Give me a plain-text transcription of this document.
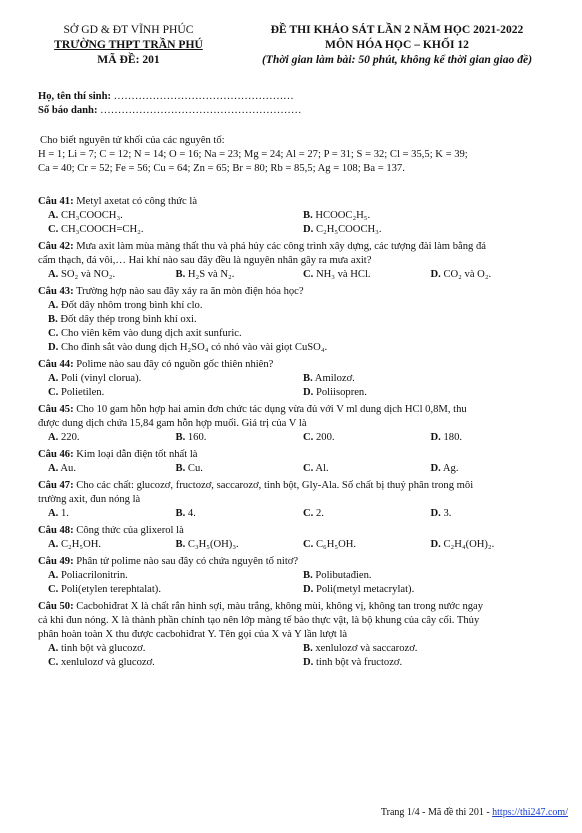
SỞ GD & ĐT VĨNH PHÚC
TRƯỜNG THPT TRẦN PHÚ
MÃ ĐỀ: 201
ĐỀ THI KHẢO SÁT LẦN 2 NĂM HỌC 2021-2022
MÔN HÓA HỌC – KHỐI 12
(Thời gian làm bài: 50 phút, không kể thời gian giao đề)
Họ, tên thí sinh: ……………………………………………
Số báo danh: …………………………………………………
Cho biết nguyên tử khối của các nguyên tố:
H = 1; Li = 7; C = 12; N = 14; O = 16; Na = 23; Mg = 24; Al = 27; P = 31; S = 32; Cl = 35,5; K = 39;
Ca = 40; Cr = 52; Fe = 56; Cu = 64; Zn = 65; Br = 80; Rb = 85,5; Ag = 108; Ba = 137.
Câu 41: Metyl axetat có công thức là
A. CH₃COOCH₃.	B. HCOOC₂H₅.
C. CH₃COOCH=CH₂.	D. C₂H₅COOCH₃.
Câu 42: Mưa axit làm mùa màng thất thu và phá hủy các công trình xây dựng, các tượng đài làm bằng đá
cẩm thạch, đá vôi,… Hai khí nào sau đây đều là nguyên nhân gây ra mưa axit?
A. SO₂ và NO₂.	B. H₂S và N₂.	C. NH₃ và HCl.	D. CO₂ và O₂.
Câu 43: Trường hợp nào sau đây xảy ra ăn mòn điện hóa học?
A. Đốt dây nhôm trong bình khí clo.
B. Đốt dây thép trong bình khí oxi.
C. Cho viên kẽm vào dung dịch axit sunfuric.
D. Cho đinh sắt vào dung dịch H₂SO₄ có nhỏ vào vài giọt CuSO₄.
Câu 44: Polime nào sau đây có nguồn gốc thiên nhiên?
A. Poli (vinyl clorua).	B. Amilozơ.
C. Polietilen.	D. Poliisopren.
Câu 45: Cho 10 gam hỗn hợp hai amin đơn chức tác dụng vừa đủ với V ml dung dịch HCl 0,8M, thu
được dung dịch chứa 15,84 gam hỗn hợp muối. Giá trị của V là
A. 220.	B. 160.	C. 200.	D. 180.
Câu 46: Kim loại dẫn điện tốt nhất là
A. Au.	B. Cu.	C. Al.	D. Ag.
Câu 47: Cho các chất: glucozơ, fructozơ, saccarozơ, tinh bột, Gly-Ala. Số chất bị thuỷ phân trong môi
trường axit, đun nóng là
A. 1.	B. 4.	C. 2.	D. 3.
Câu 48: Công thức của glixerol là
A. C₂H₅OH.	B. C₃H₅(OH)₃.	C. C₆H₅OH.	D. C₂H₄(OH)₂.
Câu 49: Phân tử polime nào sau đây có chứa nguyên tố nitơ?
A. Poliacrilonitrin.	B. Polibutađien.
C. Poli(etylen terephtalat).	D. Poli(metyl metacrylat).
Câu 50: Cacbohiđrat X là chất rắn hình sợi, màu trắng, không mùi, không vị, không tan trong nước ngay
cả khi đun nóng. X là thành phần chính tạo nên lớp màng tế bào thực vật, là bộ khung của cây cối. Thủy
phân hoàn toàn X thu được cacbohiđrat Y. Tên gọi của X và Y lần lượt là
A. tinh bột và glucozơ.	B. xenlulozơ và saccarozơ.
C. xenlulozơ và glucozơ.	D. tinh bột và fructozơ.
Trang 1/4 - Mã đề thi 201 - https://thi247.com/
